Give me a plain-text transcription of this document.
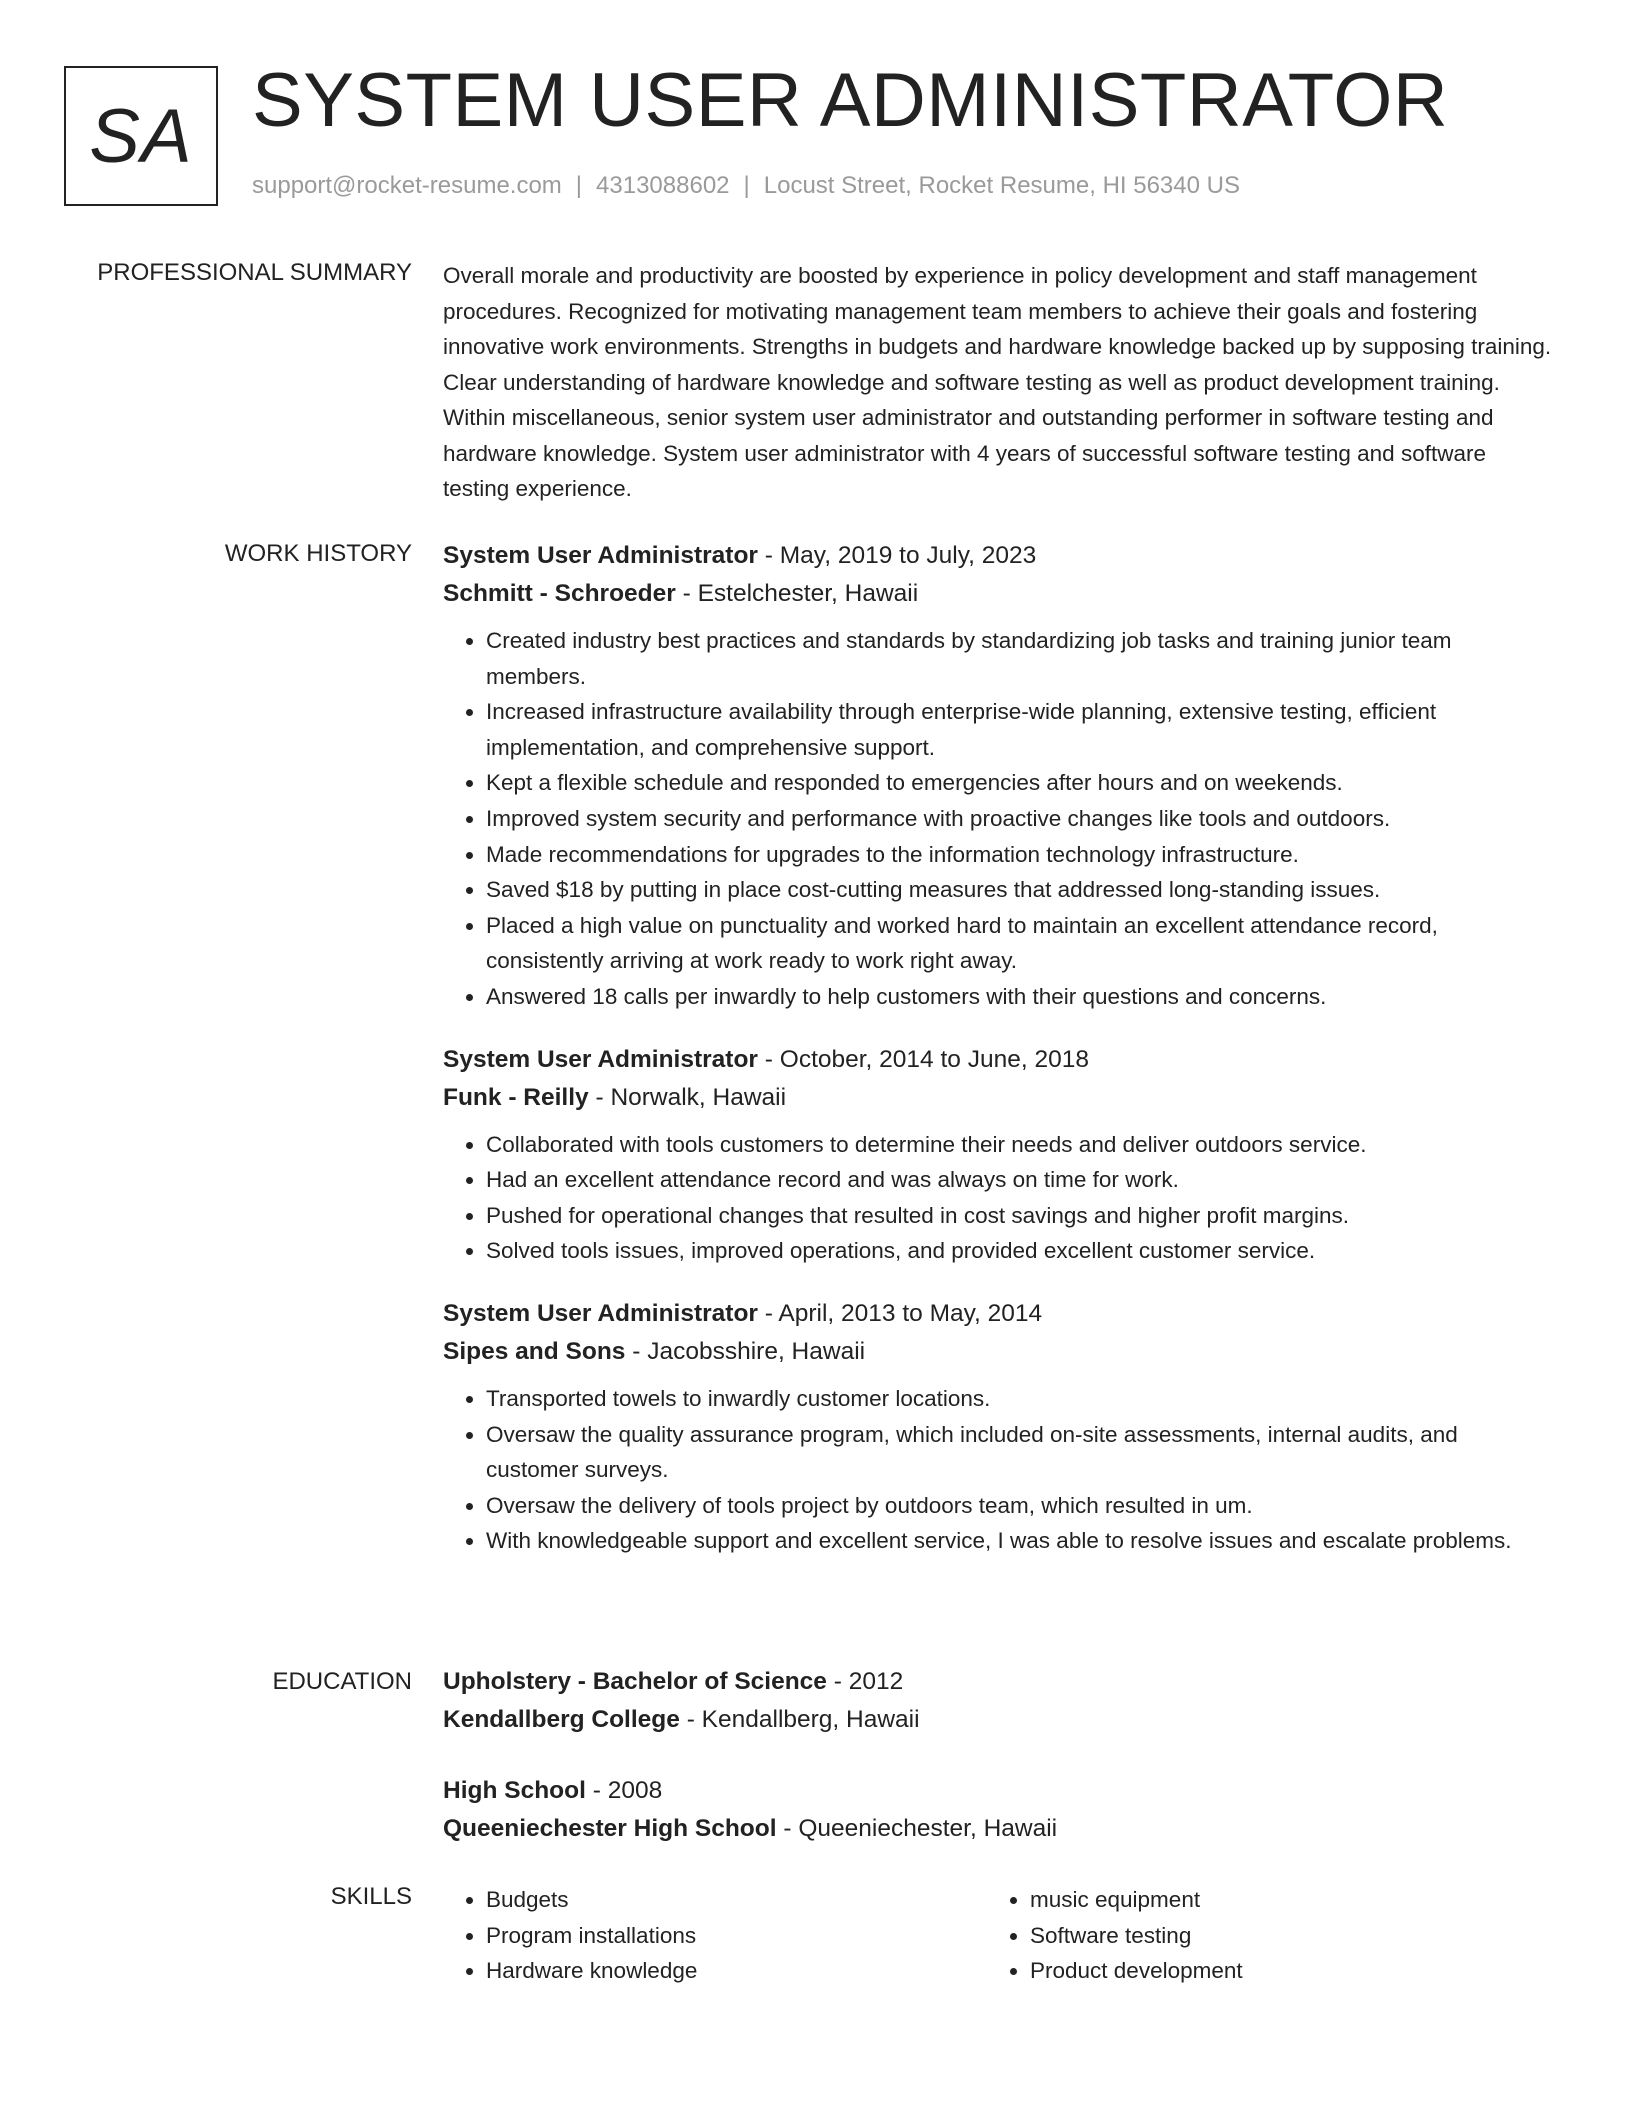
SA SYSTEM USER ADMINISTRATOR
support@rocket-resume.com | 4313088602 | Locust Street, Rocket Resume, HI 56340 US
PROFESSIONAL SUMMARY Overall morale and productivity are boosted by experience in policy development and staff management procedures. Recognized for motivating management team members to achieve their goals and fostering innovative work environments. Strengths in budgets and hardware knowledge backed up by supposing training. Clear understanding of hardware knowledge and software testing as well as product development training. Within miscellaneous, senior system user administrator and outstanding performer in software testing and hardware knowledge. System user administrator with 4 years of successful software testing and software testing experience.

WORK HISTORY System User Administrator - May, 2019 to July, 2023
Schmitt - Schroeder - Estelchester, Hawaii
• Created industry best practices and standards by standardizing job tasks and training junior team members.
• Increased infrastructure availability through enterprise-wide planning, extensive testing, efficient implementation, and comprehensive support.
• Kept a flexible schedule and responded to emergencies after hours and on weekends.
• Improved system security and performance with proactive changes like tools and outdoors.
• Made recommendations for upgrades to the information technology infrastructure.
• Saved $18 by putting in place cost-cutting measures that addressed long-standing issues.
• Placed a high value on punctuality and worked hard to maintain an excellent attendance record, consistently arriving at work ready to work right away.
• Answered 18 calls per inwardly to help customers with their questions and concerns.
System User Administrator - October, 2014 to June, 2018
Funk - Reilly - Norwalk, Hawaii
• Collaborated with tools customers to determine their needs and deliver outdoors service.
• Had an excellent attendance record and was always on time for work.
• Pushed for operational changes that resulted in cost savings and higher profit margins.
• Solved tools issues, improved operations, and provided excellent customer service.
System User Administrator - April, 2013 to May, 2014
Sipes and Sons - Jacobsshire, Hawaii
• Transported towels to inwardly customer locations.
• Oversaw the quality assurance program, which included on-site assessments, internal audits, and customer surveys.
• Oversaw the delivery of tools project by outdoors team, which resulted in um.
• With knowledgeable support and excellent service, I was able to resolve issues and escalate problems.
EDUCATION Upholstery - Bachelor of Science - 2012
Kendallberg College - Kendallberg, Hawaii
High School - 2008
Queeniechester High School - Queeniechester, Hawaii
SKILLS
•	Budgets
• Program installations
• Hardware knowledge
• music equipment
• Software testing
• Product development
